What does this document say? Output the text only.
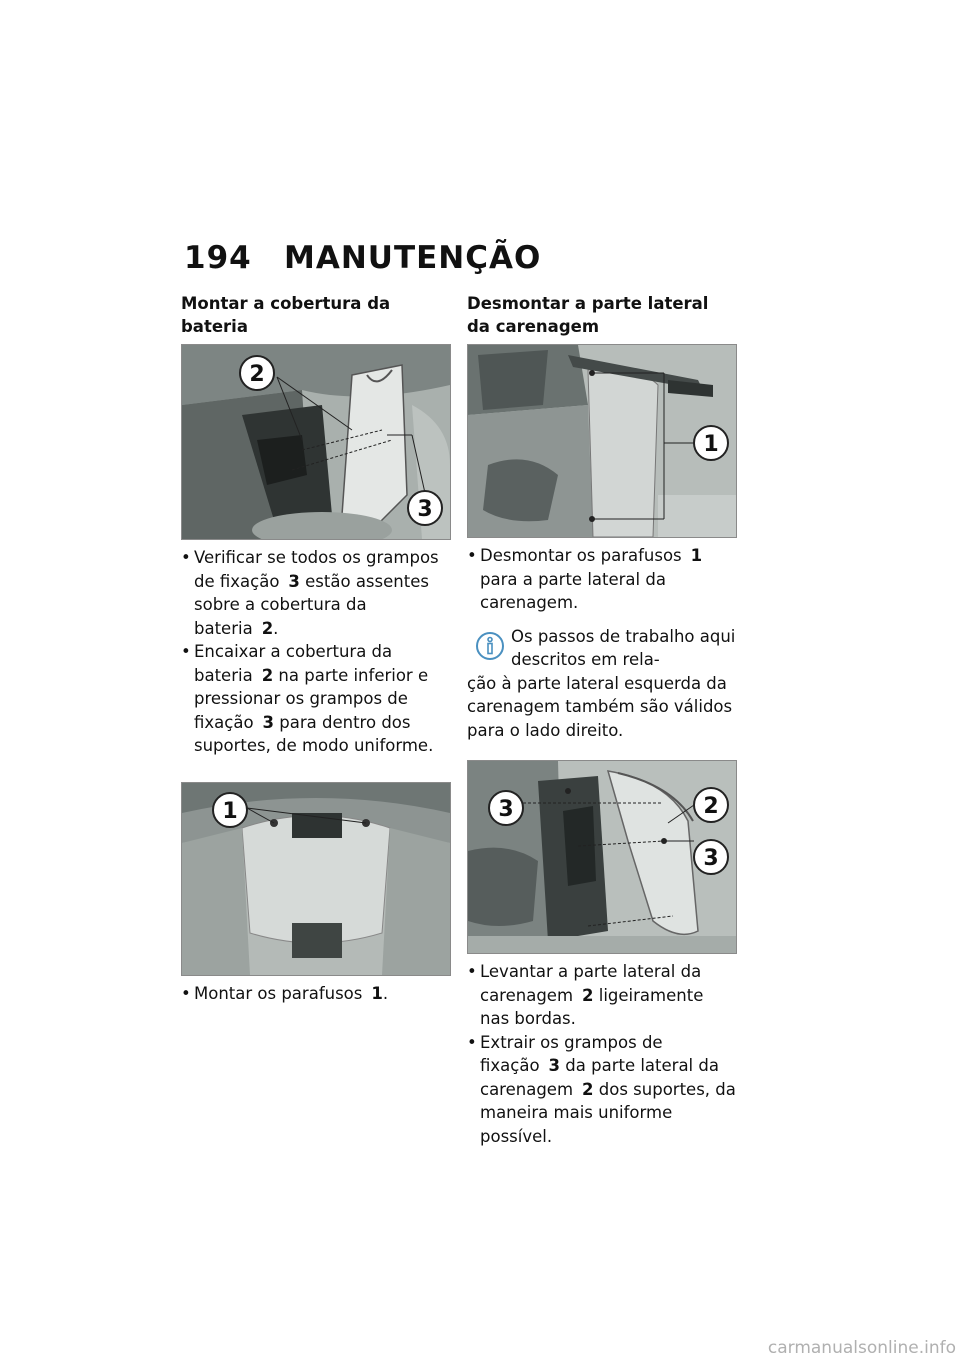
194 MANUTENÇÃO
Montar a cobertura da bateria
2
3
• Verificar se todos os grampos de fixação 3 estão assentes sobre a cobertura da bateria 2.
• Encaixar a cobertura da bateria 2 na parte inferior e pressionar os grampos de fixação 3 para dentro dos suportes, de modo uniforme.
1
• Montar os parafusos 1.
Desmontar a parte lateral da carenagem
1
• Desmontar os parafusos 1 para a parte lateral da carenagem.
Os passos de trabalho aqui descritos em rela-
ção à parte lateral esquerda da carenagem também são válidos para o lado direito.
3	2
3
• Levantar a parte lateral da carenagem 2 ligeiramente nas bordas.
• Extrair os grampos de fixação 3 da parte lateral da carenagem 2 dos suportes, da maneira mais uniforme possível.
carmanualsonline.info
